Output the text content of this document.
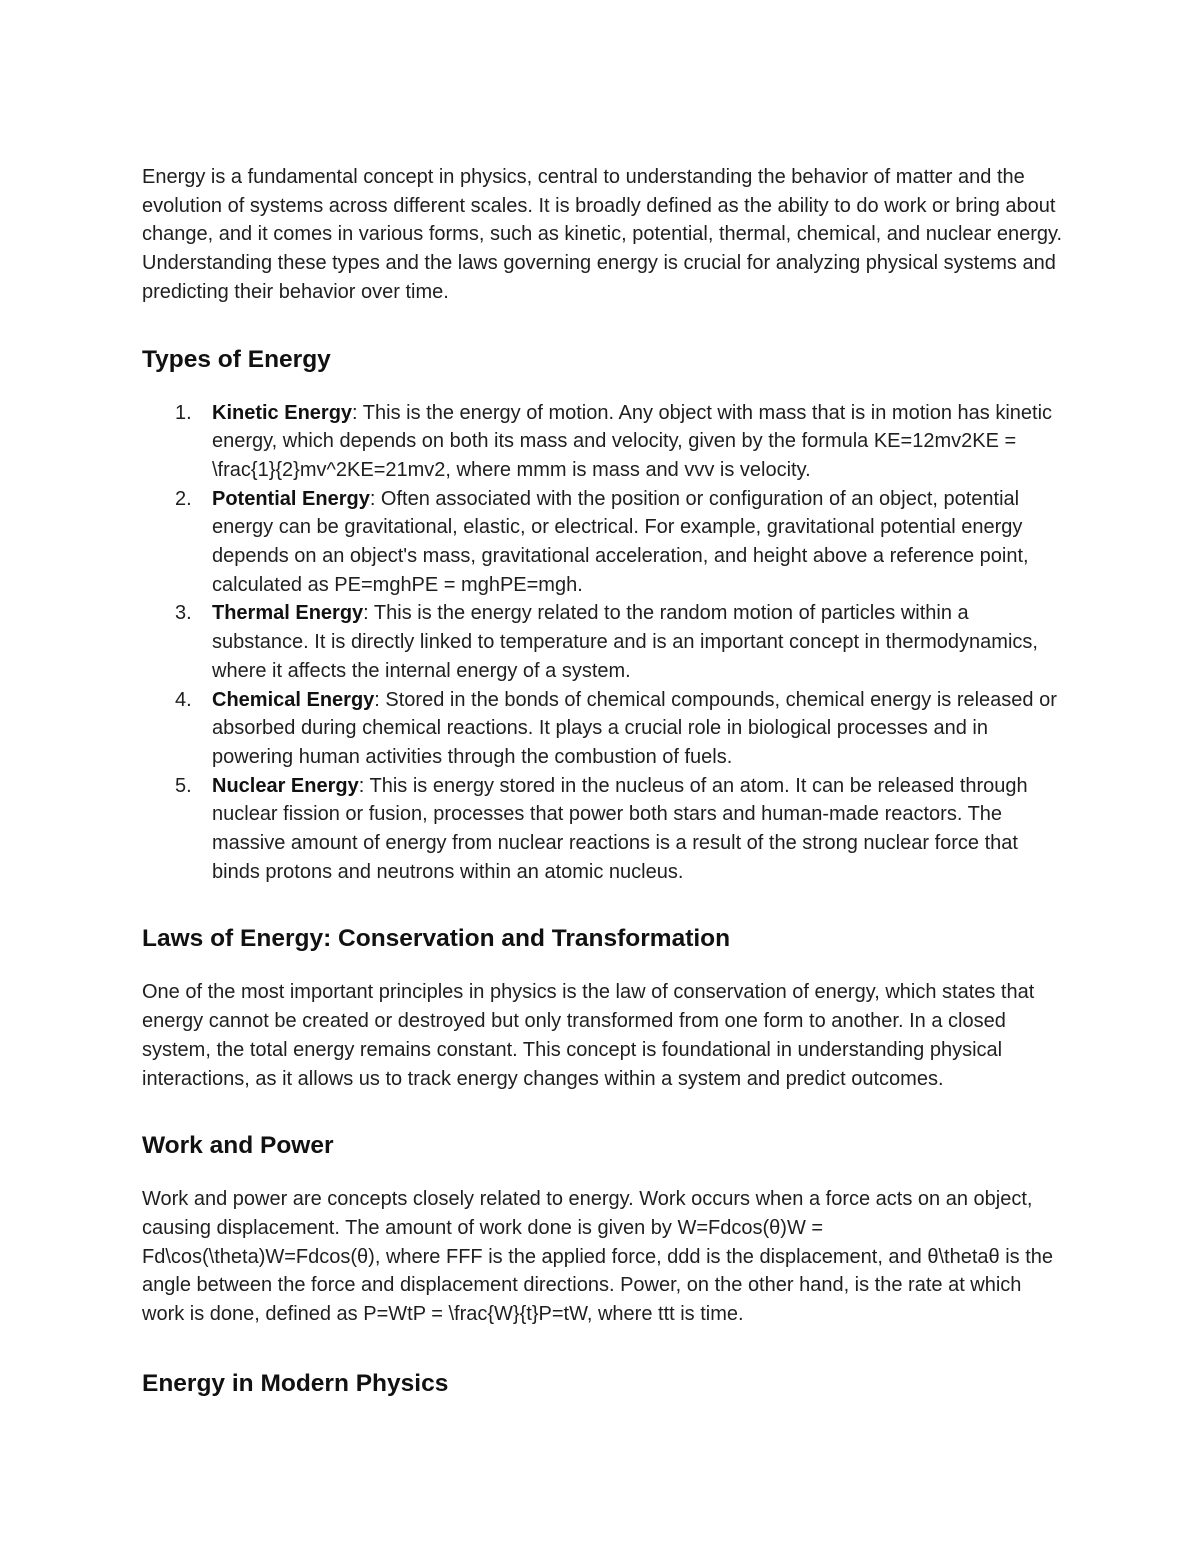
Energy is a fundamental concept in physics, central to understanding the behavior of matter and the evolution of systems across different scales. It is broadly defined as the ability to do work or bring about change, and it comes in various forms, such as kinetic, potential, thermal, chemical, and nuclear energy. Understanding these types and the laws governing energy is crucial for analyzing physical systems and predicting their behavior over time.

Types of Energy
1. Kinetic Energy: This is the energy of motion. Any object with mass that is in motion has kinetic energy, which depends on both its mass and velocity, given by the formula KE=12mv2KE = \frac{1}{2}mv^2KE=21mv2, where mmm is mass and vvv is velocity.
2. Potential Energy: Often associated with the position or configuration of an object, potential energy can be gravitational, elastic, or electrical. For example, gravitational potential energy depends on an object's mass, gravitational acceleration, and height above a reference point, calculated as PE=mghPE = mghPE=mgh.
3. Thermal Energy: This is the energy related to the random motion of particles within a substance. It is directly linked to temperature and is an important concept in thermodynamics, where it affects the internal energy of a system.
4. Chemical Energy: Stored in the bonds of chemical compounds, chemical energy is released or absorbed during chemical reactions. It plays a crucial role in biological processes and in powering human activities through the combustion of fuels.
5. Nuclear Energy: This is energy stored in the nucleus of an atom. It can be released through nuclear fission or fusion, processes that power both stars and human-made reactors. The massive amount of energy from nuclear reactions is a result of the strong nuclear force that binds protons and neutrons within an atomic nucleus.
Laws of Energy: Conservation and Transformation

One of the most important principles in physics is the law of conservation of energy, which states that energy cannot be created or destroyed but only transformed from one form to another. In a closed system, the total energy remains constant. This concept is foundational in understanding physical interactions, as it allows us to track energy changes within a system and predict outcomes.

Work and Power

Work and power are concepts closely related to energy. Work occurs when a force acts on an object, causing displacement. The amount of work done is given by W=Fdcos(θ)W = Fd\cos(\theta)W=Fdcos(θ), where FFF is the applied force, ddd is the displacement, and θ\thetaθ is the angle between the force and displacement directions. Power, on the other hand, is the rate at which work is done, defined as P=WtP = \frac{W}{t}P=tW, where ttt is time.

Energy in Modern Physics
